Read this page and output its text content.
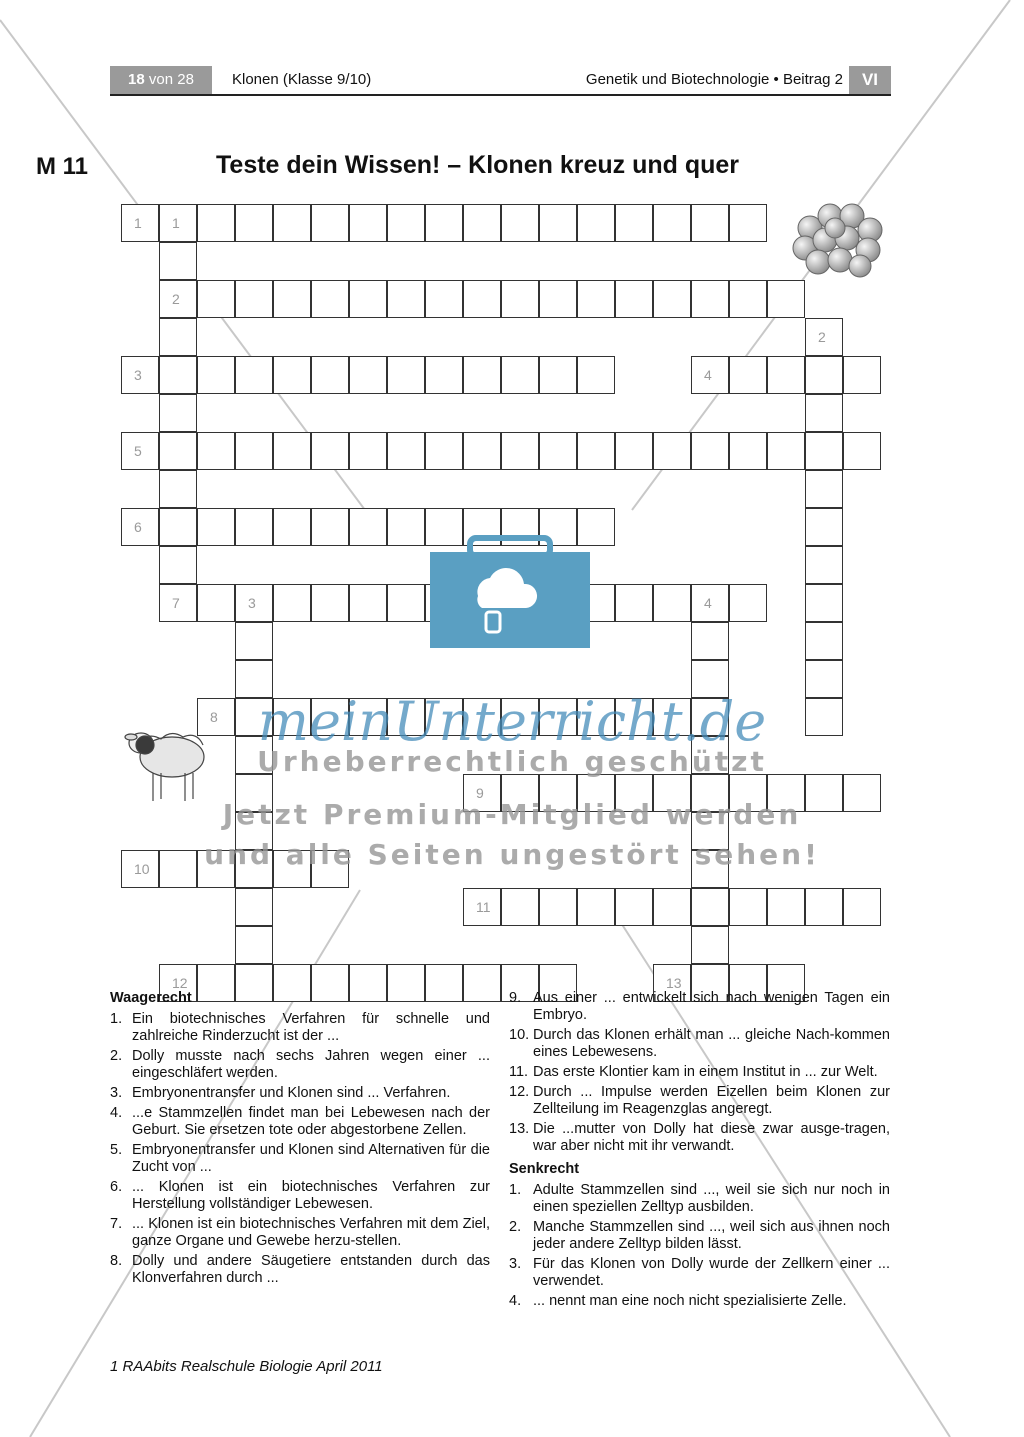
18 von 28	Klonen (Klasse 9/10)	Genetik und Biotechnologie • Beitrag 2	VI
M 11	Teste dein Wissen! – Klonen kreuz und quer
1 1
2
2
3	4
5
6
7	3	4
8
9
10
11
12	13
meinUnterricht.de
Urheberrechtlich geschützt
Jetzt Premium-Mitglied werden
und alle Seiten ungestört sehen!
Waagerecht
1. Ein biotechnisches Verfahren für schnelle und zahlreiche Rinderzucht ist der ...
2. Dolly musste nach sechs Jahren wegen einer ... eingeschläfert werden.
3. Embryonentransfer und Klonen sind ... Verfahren.
4. ...e Stammzellen findet man bei Lebewesen nach der Geburt. Sie ersetzen tote oder abgestorbene Zellen.
5. Embryonentransfer und Klonen sind Alternativen für die Zucht von ...
6. ... Klonen ist ein biotechnisches Verfahren zur Herstellung vollständiger Lebewesen.
7. ... Klonen ist ein biotechnisches Verfahren mit dem Ziel, ganze Organe und Gewebe herzu-stellen.
8. Dolly und andere Säugetiere entstanden durch das Klonverfahren durch ...
9. Aus einer ... entwickelt sich nach wenigen Tagen ein Embryo.
10. Durch das Klonen erhält man ... gleiche Nach-kommen eines Lebewesens.
11. Das erste Klontier kam in einem Institut in ... zur Welt.
12. Durch ... Impulse werden Eizellen beim Klonen zur Zellteilung im Reagenzglas angeregt.
13. Die ...mutter von Dolly hat diese zwar ausge-tragen, war aber nicht mit ihr verwandt.
Senkrecht
1. Adulte Stammzellen sind ..., weil sie sich nur noch in einen speziellen Zelltyp ausbilden.
2. Manche Stammzellen sind ..., weil sich aus ihnen noch jeder andere Zelltyp bilden lässt.
3. Für das Klonen von Dolly wurde der Zellkern einer ... verwendet.
4. ... nennt man eine noch nicht spezialisierte Zelle.
1 RAAbits Realschule Biologie April 2011
